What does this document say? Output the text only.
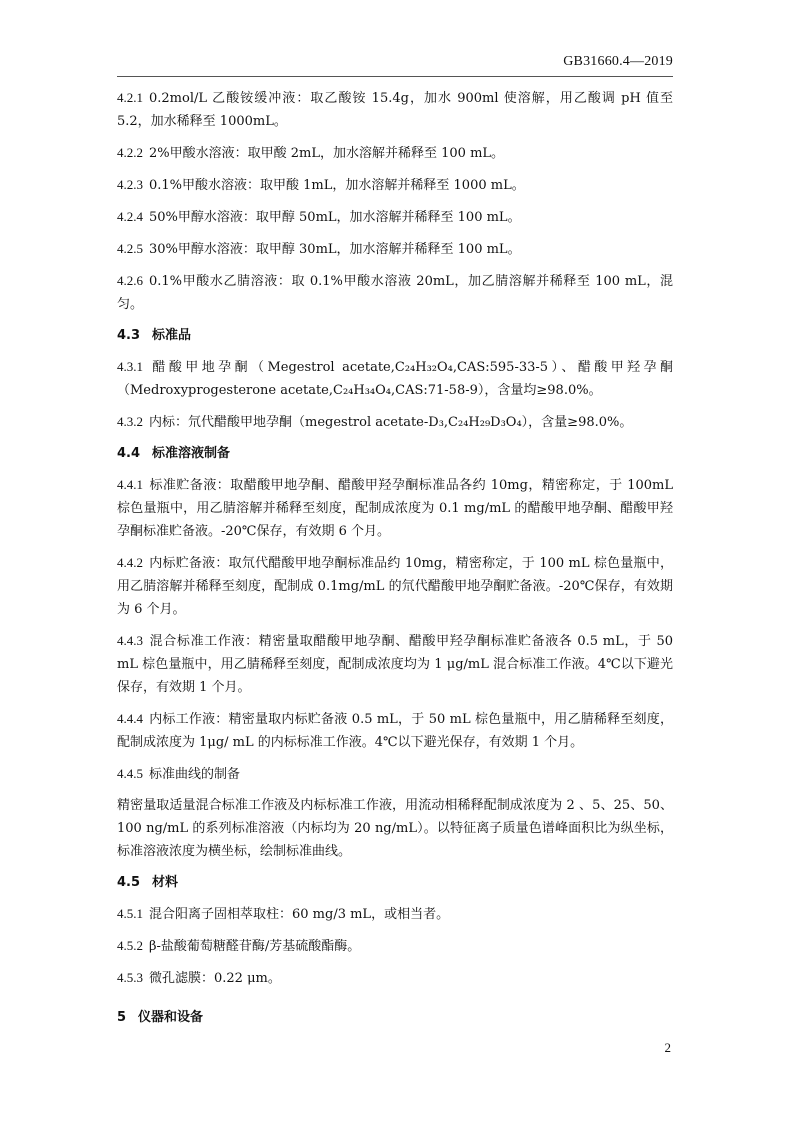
GB31660.4—2019
4.2.1 0.2mol/L 乙酸铵缓冲液：取乙酸铵 15.4g，加水 900ml 使溶解，用乙酸调 pH 值至 5.2，加水稀释至 1000mL。
4.2.2 2%甲酸水溶液：取甲酸 2mL，加水溶解并稀释至 100 mL。
4.2.3 0.1%甲酸水溶液：取甲酸 1mL，加水溶解并稀释至 1000 mL。
4.2.4 50%甲醇水溶液：取甲醇 50mL，加水溶解并稀释至 100 mL。
4.2.5 30%甲醇水溶液：取甲醇 30mL，加水溶解并稀释至 100 mL。
4.2.6 0.1%甲酸水乙腈溶液：取 0.1%甲酸水溶液 20mL，加乙腈溶解并稀释至 100 mL，混匀。
4.3 标准品
4.3.1 醋酸甲地孕酮（Megestrol acetate,C₂₄H₃₂O₄,CAS:595-33-5）、醋酸甲羟孕酮（Medroxyprogesterone acetate,C₂₄H₃₄O₄,CAS:71-58-9），含量均≥98.0%。
4.3.2 内标：氘代醋酸甲地孕酮（megestrol acetate-D₃,C₂₄H₂₉D₃O₄），含量≥98.0%。
4.4 标准溶液制备
4.4.1 标准贮备液：取醋酸甲地孕酮、醋酸甲羟孕酮标准品各约 10mg，精密称定，于 100mL 棕色量瓶中，用乙腈溶解并稀释至刻度，配制成浓度为 0.1 mg/mL 的醋酸甲地孕酮、醋酸甲羟孕酮标准贮备液。-20℃保存，有效期 6 个月。
4.4.2 内标贮备液：取氘代醋酸甲地孕酮标准品约 10mg，精密称定，于 100 mL 棕色量瓶中，用乙腈溶解并稀释至刻度，配制成 0.1mg/mL 的氘代醋酸甲地孕酮贮备液。-20℃保存，有效期为 6 个月。
4.4.3 混合标准工作液：精密量取醋酸甲地孕酮、醋酸甲羟孕酮标准贮备液各 0.5 mL，于 50 mL 棕色量瓶中，用乙腈稀释至刻度，配制成浓度均为 1 μg/mL 混合标准工作液。4℃以下避光保存，有效期 1 个月。
4.4.4 内标工作液：精密量取内标贮备液 0.5 mL，于 50 mL 棕色量瓶中，用乙腈稀释至刻度，配制成浓度为 1μg/ mL 的内标标准工作液。4℃以下避光保存，有效期 1 个月。
4.4.5 标准曲线的制备
精密量取适量混合标准工作液及内标标准工作液，用流动相稀释配制成浓度为 2 、5、25、50、100 ng/mL 的系列标准溶液（内标均为 20 ng/mL）。以特征离子质量色谱峰面积比为纵坐标，标准溶液浓度为横坐标，绘制标准曲线。
4.5 材料
4.5.1 混合阳离子固相萃取柱：60 mg/3 mL，或相当者。
4.5.2 β-盐酸葡萄糖醛苷酶/芳基硫酸酯酶。
4.5.3 微孔滤膜：0.22 μm。
5 仪器和设备
2
